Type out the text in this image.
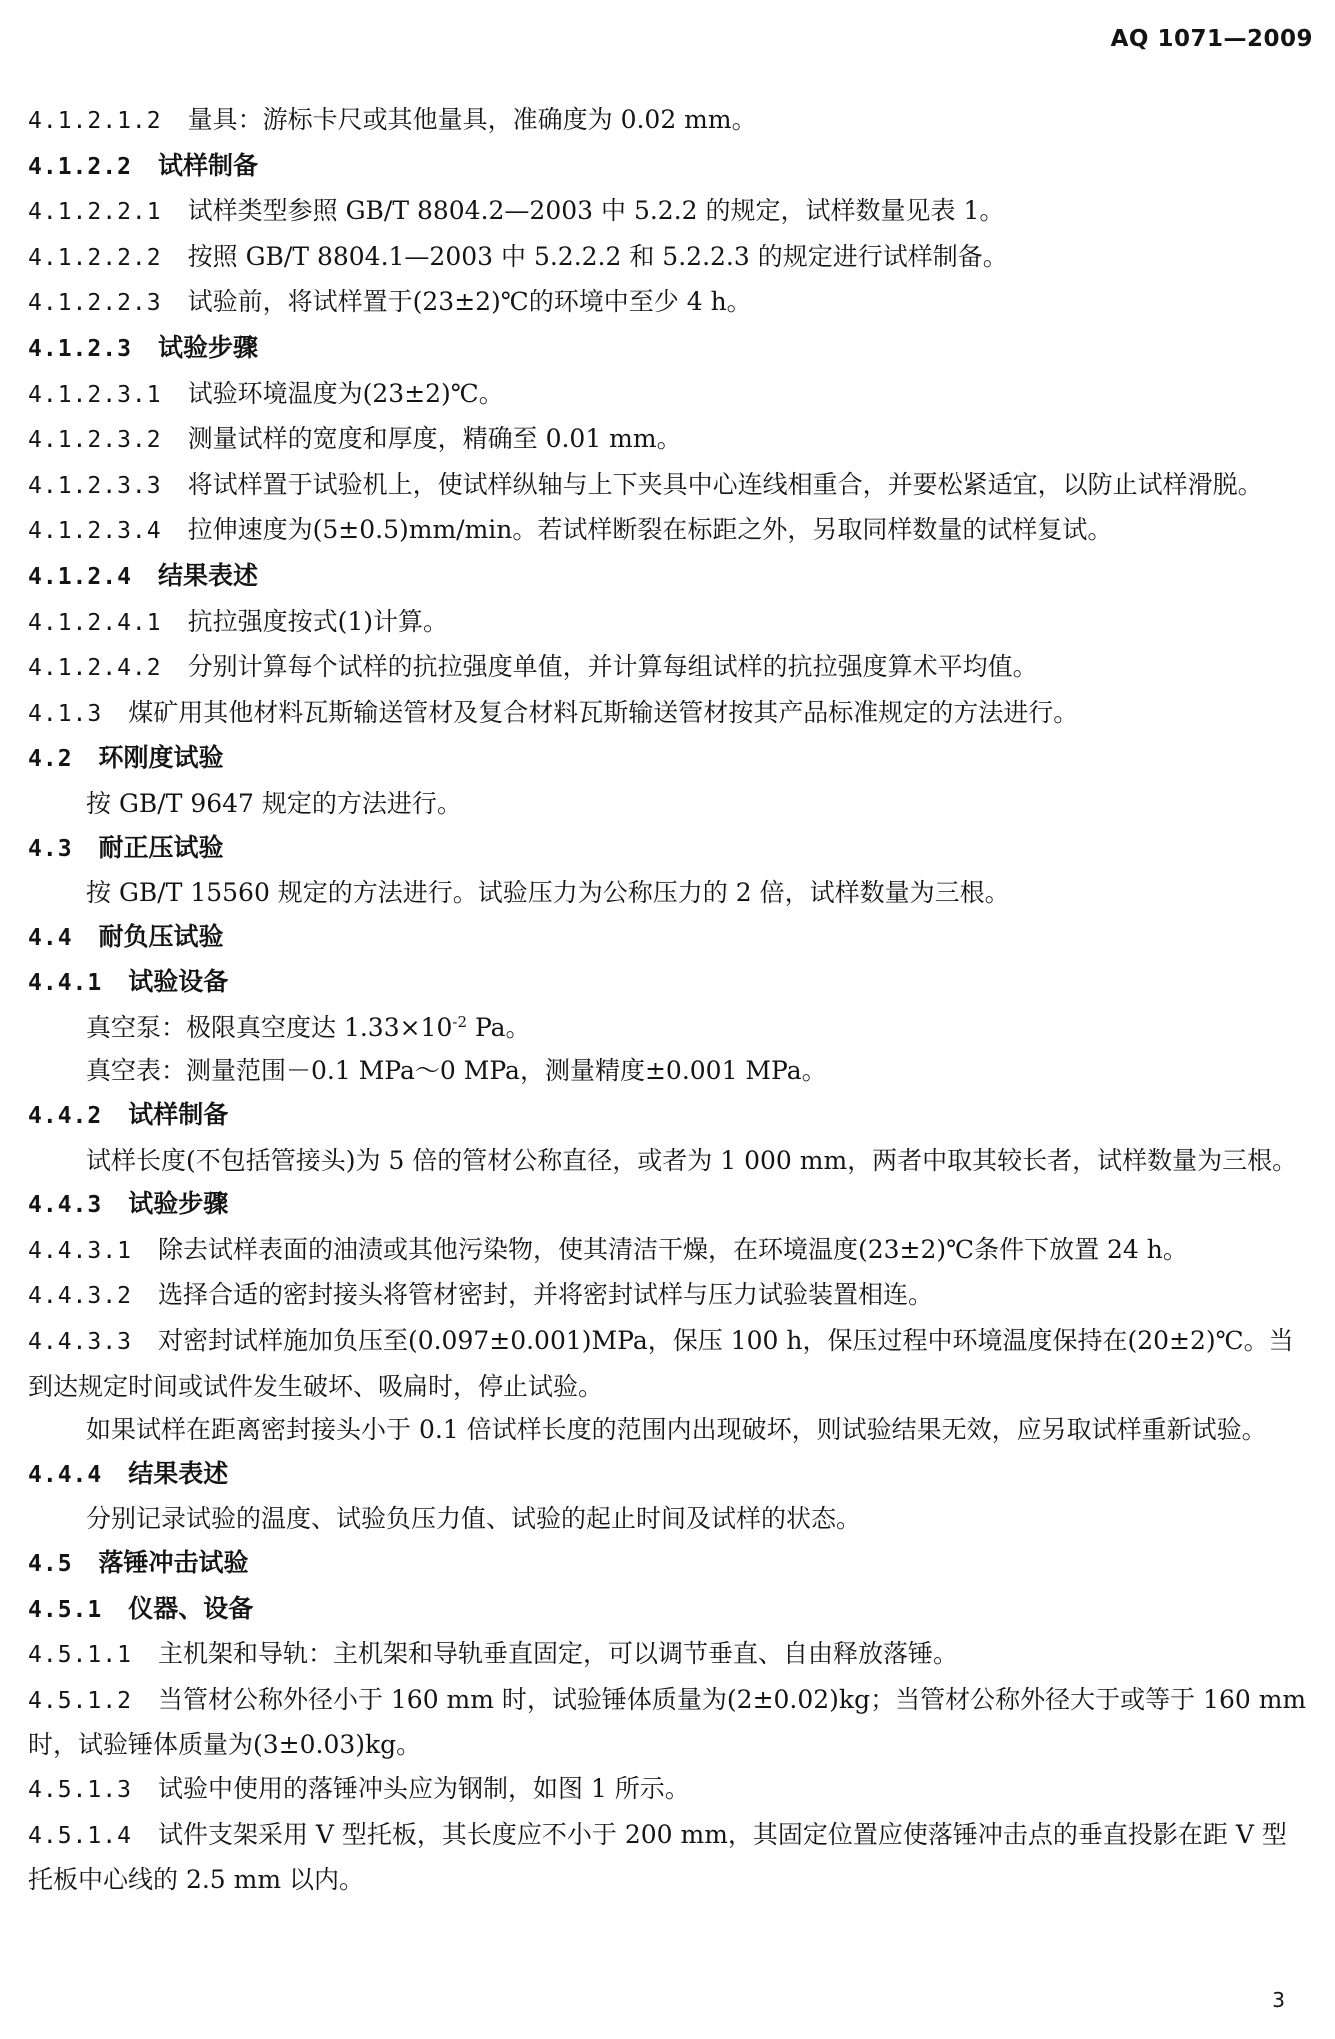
AQ 1071—2009

4.1.2.1.2 量具：游标卡尺或其他量具，准确度为 0.02 mm。

4.1.2.2 试样制备

4.1.2.2.1 试样类型参照 GB/T 8804.2—2003 中 5.2.2 的规定，试样数量见表 1。

4.1.2.2.2 按照 GB/T 8804.1—2003 中 5.2.2.2 和 5.2.2.3 的规定进行试样制备。

4.1.2.2.3 试验前，将试样置于(23±2)℃的环境中至少 4 h。

4.1.2.3 试验步骤

4.1.2.3.1 试验环境温度为(23±2)℃。

4.1.2.3.2 测量试样的宽度和厚度，精确至 0.01 mm。

4.1.2.3.3 将试样置于试验机上，使试样纵轴与上下夹具中心连线相重合，并要松紧适宜，以防止试样滑脱。

4.1.2.3.4 拉伸速度为(5±0.5)mm/min。若试样断裂在标距之外，另取同样数量的试样复试。

4.1.2.4 结果表述

4.1.2.4.1 抗拉强度按式(1)计算。

4.1.2.4.2 分别计算每个试样的抗拉强度单值，并计算每组试样的抗拉强度算术平均值。

4.1.3 煤矿用其他材料瓦斯输送管材及复合材料瓦斯输送管材按其产品标准规定的方法进行。

4.2 环刚度试验

按 GB/T 9647 规定的方法进行。

4.3 耐正压试验

按 GB/T 15560 规定的方法进行。试验压力为公称压力的 2 倍，试样数量为三根。

4.4 耐负压试验

4.4.1 试验设备

真空泵：极限真空度达 $1.33\times 10^{-2}$ Pa。

真空表：测量范围－0.1 MPa～0 MPa，测量精度±0.001 MPa。

4.4.2 试样制备

试样长度(不包括管接头)为 5 倍的管材公称直径，或者为 1 000 mm，两者中取其较长者，试样数量为三根。

4.4.3 试验步骤

4.4.3.1 除去试样表面的油渍或其他污染物，使其清洁干燥，在环境温度(23±2)℃条件下放置 24 h。

4.4.3.2 选择合适的密封接头将管材密封，并将密封试样与压力试验装置相连。

4.4.3.3 对密封试样施加负压至(0.097±0.001)MPa，保压 100 h，保压过程中环境温度保持在(20±2)℃。当到达规定时间或试件发生破坏、吸扁时，停止试验。

如果试样在距离密封接头小于 0.1 倍试样长度的范围内出现破坏，则试验结果无效，应另取试样重新试验。

4.4.4 结果表述

分别记录试验的温度、试验负压力值、试验的起止时间及试样的状态。

4.5 落锤冲击试验

4.5.1 仪器、设备

4.5.1.1 主机架和导轨：主机架和导轨垂直固定，可以调节垂直、自由释放落锤。

4.5.1.2 当管材公称外径小于 160 mm 时，试验锤体质量为(2±0.02)kg；当管材公称外径大于或等于 160 mm 时，试验锤体质量为(3±0.03)kg。

4.5.1.3 试验中使用的落锤冲头应为钢制，如图 1 所示。

4.5.1.4 试件支架采用 V 型托板，其长度应不小于 200 mm，其固定位置应使落锤冲击点的垂直投影在距 V 型托板中心线的 2.5 mm 以内。

3
